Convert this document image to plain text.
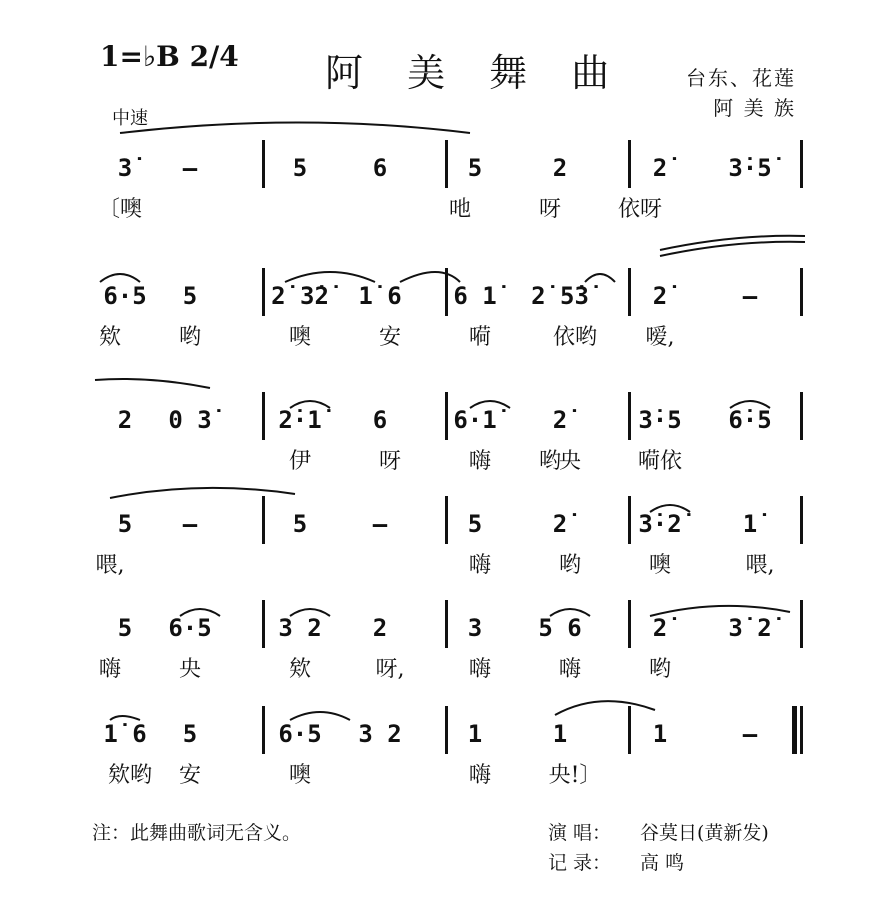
1=♭B 2/4 阿 美 舞 曲	台东、花莲
阿 美 族
中速
3̇ –	5	6	5	2	2̇	3̇·5̇
〔噢	吔	呀	依呀
6·5 5	2̇ 3̇2̇ 1̇ 6 6 1̇ 2̇ 5̇3̇	2̇	–
欸	哟	噢	安	嗬	依哟 嗳,
2 0 3̇	2̇·1̇ 6	6·1̇ 2̇	3̇·5 6̇·5
伊	呀	嗨	央	嗬依
哟
5 –	5	–	5	2̇	3̇·2̇	1̇
喂,	嗨	哟	噢	喂,
5 6·5	3 2 2	3 5 6	2̇	3̇ 2̇
嗨	央	欸	呀,	嗨	嗨	哟
1̇ 6 5	6·5 3 2	1	1	1	–
欸哟 安	噢	嗨	央!〕
注：此舞曲歌词无含义。	演 唱： 谷莫日(黄新发)
记 录： 高 鸣
